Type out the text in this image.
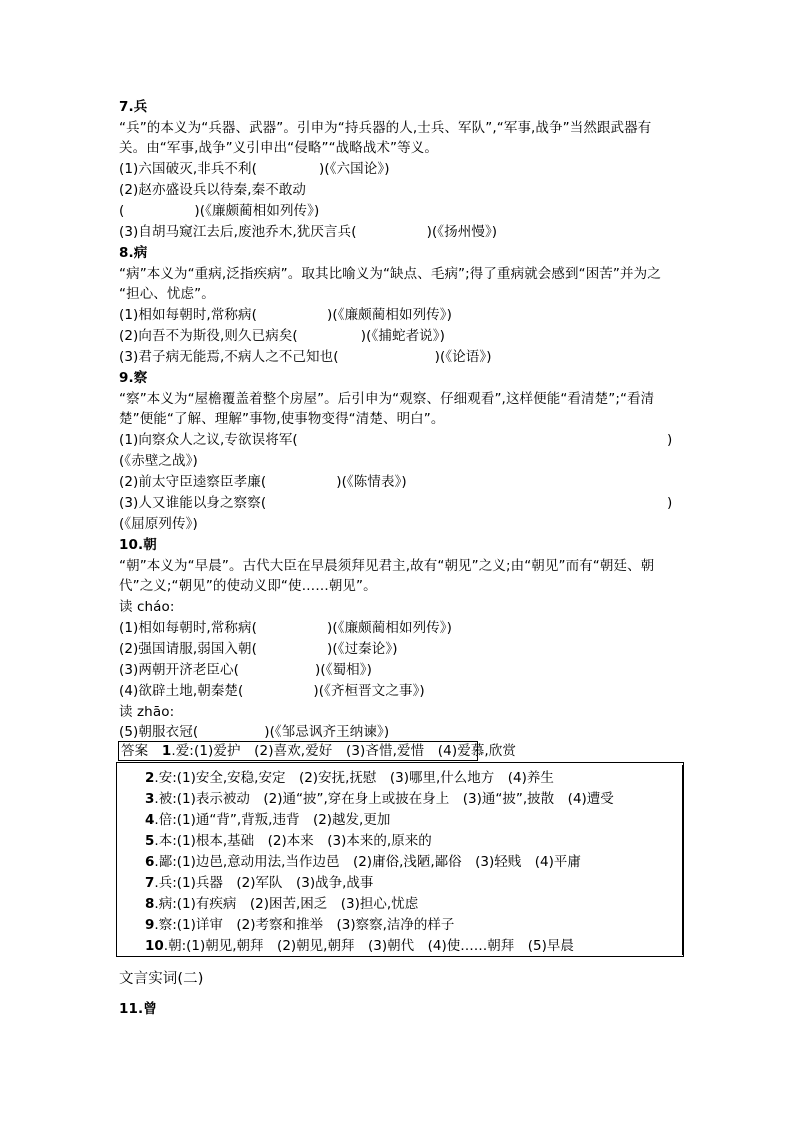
7.兵
“兵”的本义为“兵器、武器”。引申为“持兵器的人,士兵、军队”,“军事,战争”当然跟武器有
关。由“军事,战争”义引申出“侵略”“战略战术”等义。
(1)六国破灭,非兵不利(	)(《六国论》)
(2)赵亦盛设兵以待秦,秦不敢动
(	)(《廉颇蔺相如列传》)
(3)自胡马窥江去后,废池乔木,犹厌言兵(	)(《扬州慢》)
8.病
“病”本义为“重病,泛指疾病”。取其比喻义为“缺点、毛病”;得了重病就会感到“困苦”并为之
“担心、忧虑”。
(1)相如每朝时,常称病(	)(《廉颇蔺相如列传》)
(2)向吾不为斯役,则久已病矣(	)(《捕蛇者说》)
(3)君子病无能焉,不病人之不己知也(	)(《论语》)
9.察
“察”本义为“屋檐覆盖着整个房屋”。后引申为“观察、仔细观看”,这样便能“看清楚”;“看清
楚”便能“了解、理解”事物,使事物变得“清楚、明白”。
(1)向察众人之议,专欲误将军(	)
(《赤壁之战》)
(2)前太守臣逵察臣孝廉(	)(《陈情表》)
(3)人又谁能以身之察察(	)
(《屈原列传》)
10.朝
“朝”本义为“早晨”。古代大臣在早晨须拜见君主,故有“朝见”之义;由“朝见”而有“朝廷、朝
代”之义;“朝见”的使动义即“使……朝见”。
读 cháo:
(1)相如每朝时,常称病(	)(《廉颇蔺相如列传》)
(2)强国请服,弱国入朝(	)(《过秦论》)
(3)两朝开济老臣心(	)(《蜀相》)
(4)欲辟土地,朝秦楚(	)(《齐桓晋文之事》)
读 zhāo:
(5)朝服衣冠(	)(《邹忌讽齐王纳谏》)
答案　 1.爱:(1)爱护　(2)喜欢,爱好　(3)吝惜,爱惜　(4)爱慕,欣赏
2.安:(1)安全,安稳,安定　(2)安抚,抚慰　(3)哪里,什么地方　(4)养生
3.被:(1)表示被动　(2)通“披”,穿在身上或披在身上　(3)通“披”,披散　(4)遭受
4.倍:(1)通“背”,背叛,违背　(2)越发,更加
5.本:(1)根本,基础　(2)本来　(3)本来的,原来的
6.鄙:(1)边邑,意动用法,当作边邑　(2)庸俗,浅陋,鄙俗　(3)轻贱　(4)平庸
7.兵:(1)兵器　(2)军队　(3)战争,战事
8.病:(1)有疾病　(2)困苦,困乏　(3)担心,忧虑
9.察:(1)详审　(2)考察和推举　(3)察察,洁净的样子
10.朝:(1)朝见,朝拜　(2)朝见,朝拜　(3)朝代　(4)使……朝拜　(5)早晨
文言实词(二)
11.曾
